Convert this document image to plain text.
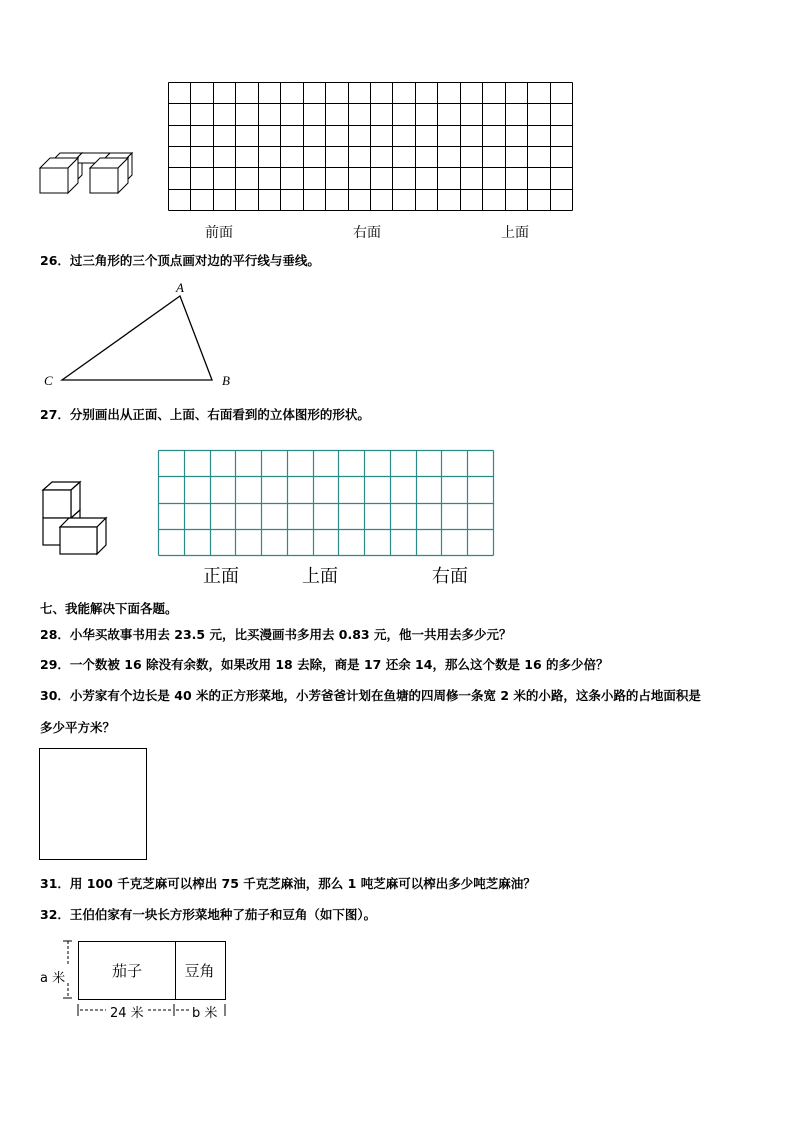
前面	右面	上面
26．过三角形的三个顶点画对边的平行线与垂线。
A
B
C
27．分别画出从正面、上面、右面看到的立体图形的形状。
正面	上面	右面
七、我能解决下面各题。
28．小华买故事书用去 23.5 元，比买漫画书多用去 0.83 元，他一共用去多少元？
29．一个数被 16 除没有余数，如果改用 18 去除，商是 17 还余 14，那么这个数是 16 的多少倍？
30．小芳家有个边长是 40 米的正方形菜地，小芳爸爸计划在鱼塘的四周修一条宽 2 米的小路，这条小路的占地面积是
多少平方米？
31．用 100 千克芝麻可以榨出 75 千克芝麻油，那么 1 吨芝麻可以榨出多少吨芝麻油？
32．王伯伯家有一块长方形菜地种了茄子和豆角（如下图）。
茄子	豆角
a 米
24 米	b 米
